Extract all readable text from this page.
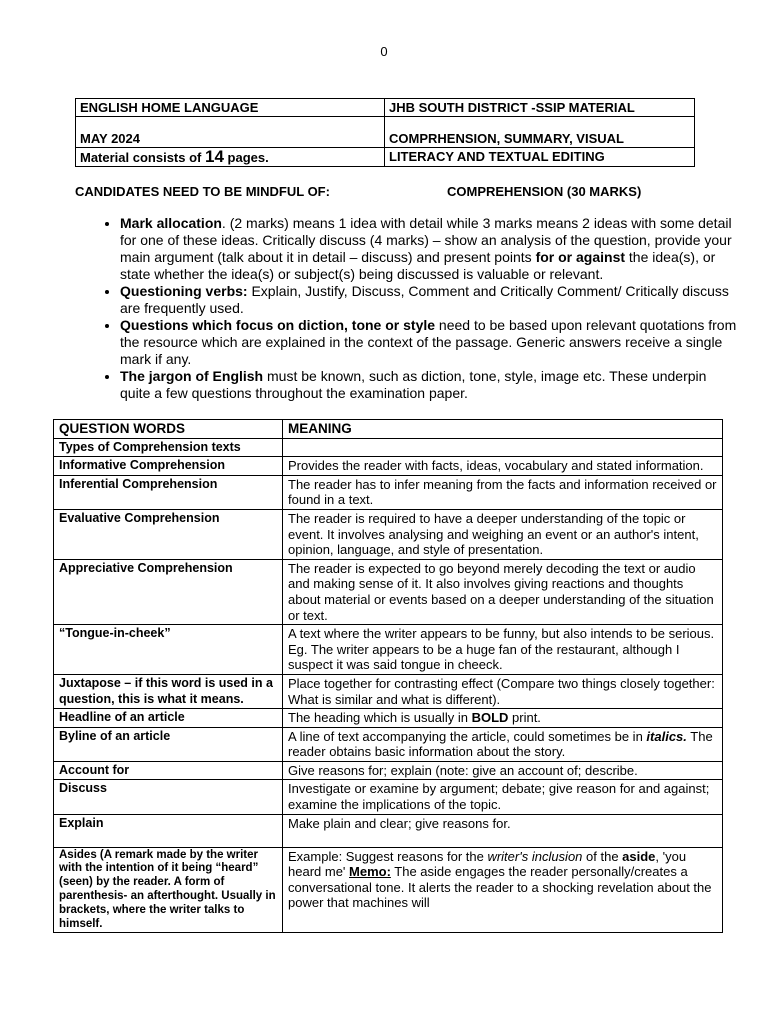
0
ENGLISH HOME LANGUAGE	JHB SOUTH DISTRICT -SSIP MATERIAL
MAY 2024	COMPRHENSION, SUMMARY, VISUAL
Material consists of 14 pages.	LITERACY AND TEXTUAL EDITING
CANDIDATES NEED TO BE MINDFUL OF:	COMPREHENSION (30 MARKS)
• Mark allocation. (2 marks) means 1 idea with detail while 3 marks means 2 ideas with some detail for one of these ideas. Critically discuss (4 marks) – show an analysis of the question, provide your main argument (talk about it in detail – discuss) and present points for or against the idea(s), or state whether the idea(s) or subject(s) being discussed is valuable or relevant.
• Questioning verbs: Explain, Justify, Discuss, Comment and Critically Comment/ Critically discuss are frequently used.
• Questions which focus on diction, tone or style need to be based upon relevant quotations from the resource which are explained in the context of the passage. Generic answers receive a single mark if any.
• The jargon of English must be known, such as diction, tone, style, image etc. These underpin quite a few questions throughout the examination paper.
QUESTION WORDS	MEANING
Types of Comprehension texts	
Informative Comprehension	Provides the reader with facts, ideas, vocabulary and stated information.
Inferential Comprehension	The reader has to infer meaning from the facts and information received or found in a text.
Evaluative Comprehension	The reader is required to have a deeper understanding of the topic or event. It involves analysing and weighing an event or an author's intent, opinion, language, and style of presentation.
Appreciative Comprehension	The reader is expected to go beyond merely decoding the text or audio and making sense of it. It also involves giving reactions and thoughts about material or events based on a deeper understanding of the situation or text.
“Tongue-in-cheek”	A text where the writer appears to be funny, but also intends to be serious. Eg. The writer appears to be a huge fan of the restaurant, although I suspect it was said tongue in cheeck.
Juxtapose – if this word is used in a question, this is what it means.	Place together for contrasting effect (Compare two things closely together: What is similar and what is different).
Headline of an article	The heading which is usually in BOLD print.
Byline of an article	A line of text accompanying the article, could sometimes be in italics. The reader obtains basic information about the story.
Account for	Give reasons for; explain (note: give an account of; describe.
Discuss	Investigate or examine by argument; debate; give reason for and against; examine the implications of the topic.
Explain	Make plain and clear; give reasons for.
Asides (A remark made by the writer with the intention of it being “heard” (seen) by the reader. A form of parenthesis- an afterthought. Usually in brackets, where the writer talks to himself.	Example: Suggest reasons for the writer's inclusion of the aside, 'you heard me' Memo: The aside engages the reader personally/creates a conversational tone. It alerts the reader to a shocking revelation about the power that machines will
